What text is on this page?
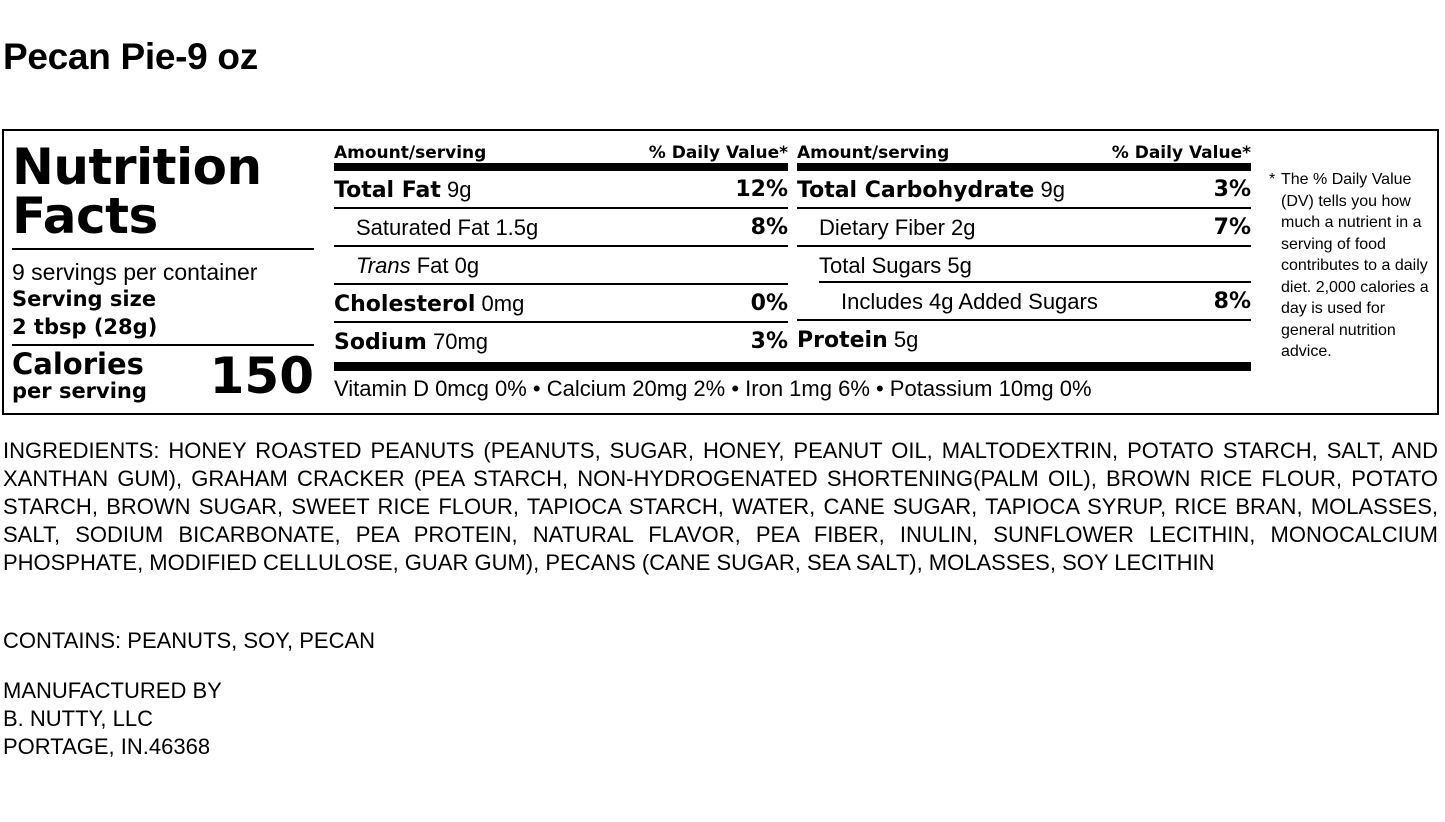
Pecan Pie-9 oz
Nutrition
Facts
9 servings per container
Serving size
2 tbsp (28g)
Calories
per serving 150
Amount/serving	% Daily Value*
Total Fat 9g	12%
Saturated Fat 1.5g	8%
Trans Fat 0g
Cholesterol 0mg	0%
Sodium 70mg	3%
Amount/serving	% Daily Value*
Total Carbohydrate 9g	3%
Dietary Fiber 2g	7%
Total Sugars 5g
Includes 4g Added Sugars	8%
Protein 5g
Vitamin D 0mcg 0% • Calcium 20mg 2% • Iron 1mg 6% • Potassium 10mg 0%
* The % Daily Value (DV) tells you how much a nutrient in a serving of food contributes to a daily diet. 2,000 calories a day is used for general nutrition advice.
INGREDIENTS: HONEY ROASTED PEANUTS (PEANUTS, SUGAR, HONEY, PEANUT OIL, MALTODEXTRIN, POTATO STARCH, SALT, AND XANTHAN GUM), GRAHAM CRACKER (PEA STARCH, NON-HYDROGENATED SHORTENING(PALM OIL), BROWN RICE FLOUR, POTATO STARCH, BROWN SUGAR, SWEET RICE FLOUR, TAPIOCA STARCH, WATER, CANE SUGAR, TAPIOCA SYRUP, RICE BRAN, MOLASSES, SALT, SODIUM BICARBONATE, PEA PROTEIN, NATURAL FLAVOR, PEA FIBER, INULIN, SUNFLOWER LECITHIN, MONOCALCIUM PHOSPHATE, MODIFIED CELLULOSE, GUAR GUM), PECANS (CANE SUGAR, SEA SALT), MOLASSES, SOY LECITHIN
CONTAINS: PEANUTS, SOY, PECAN
MANUFACTURED BY
B. NUTTY, LLC
PORTAGE, IN.46368
